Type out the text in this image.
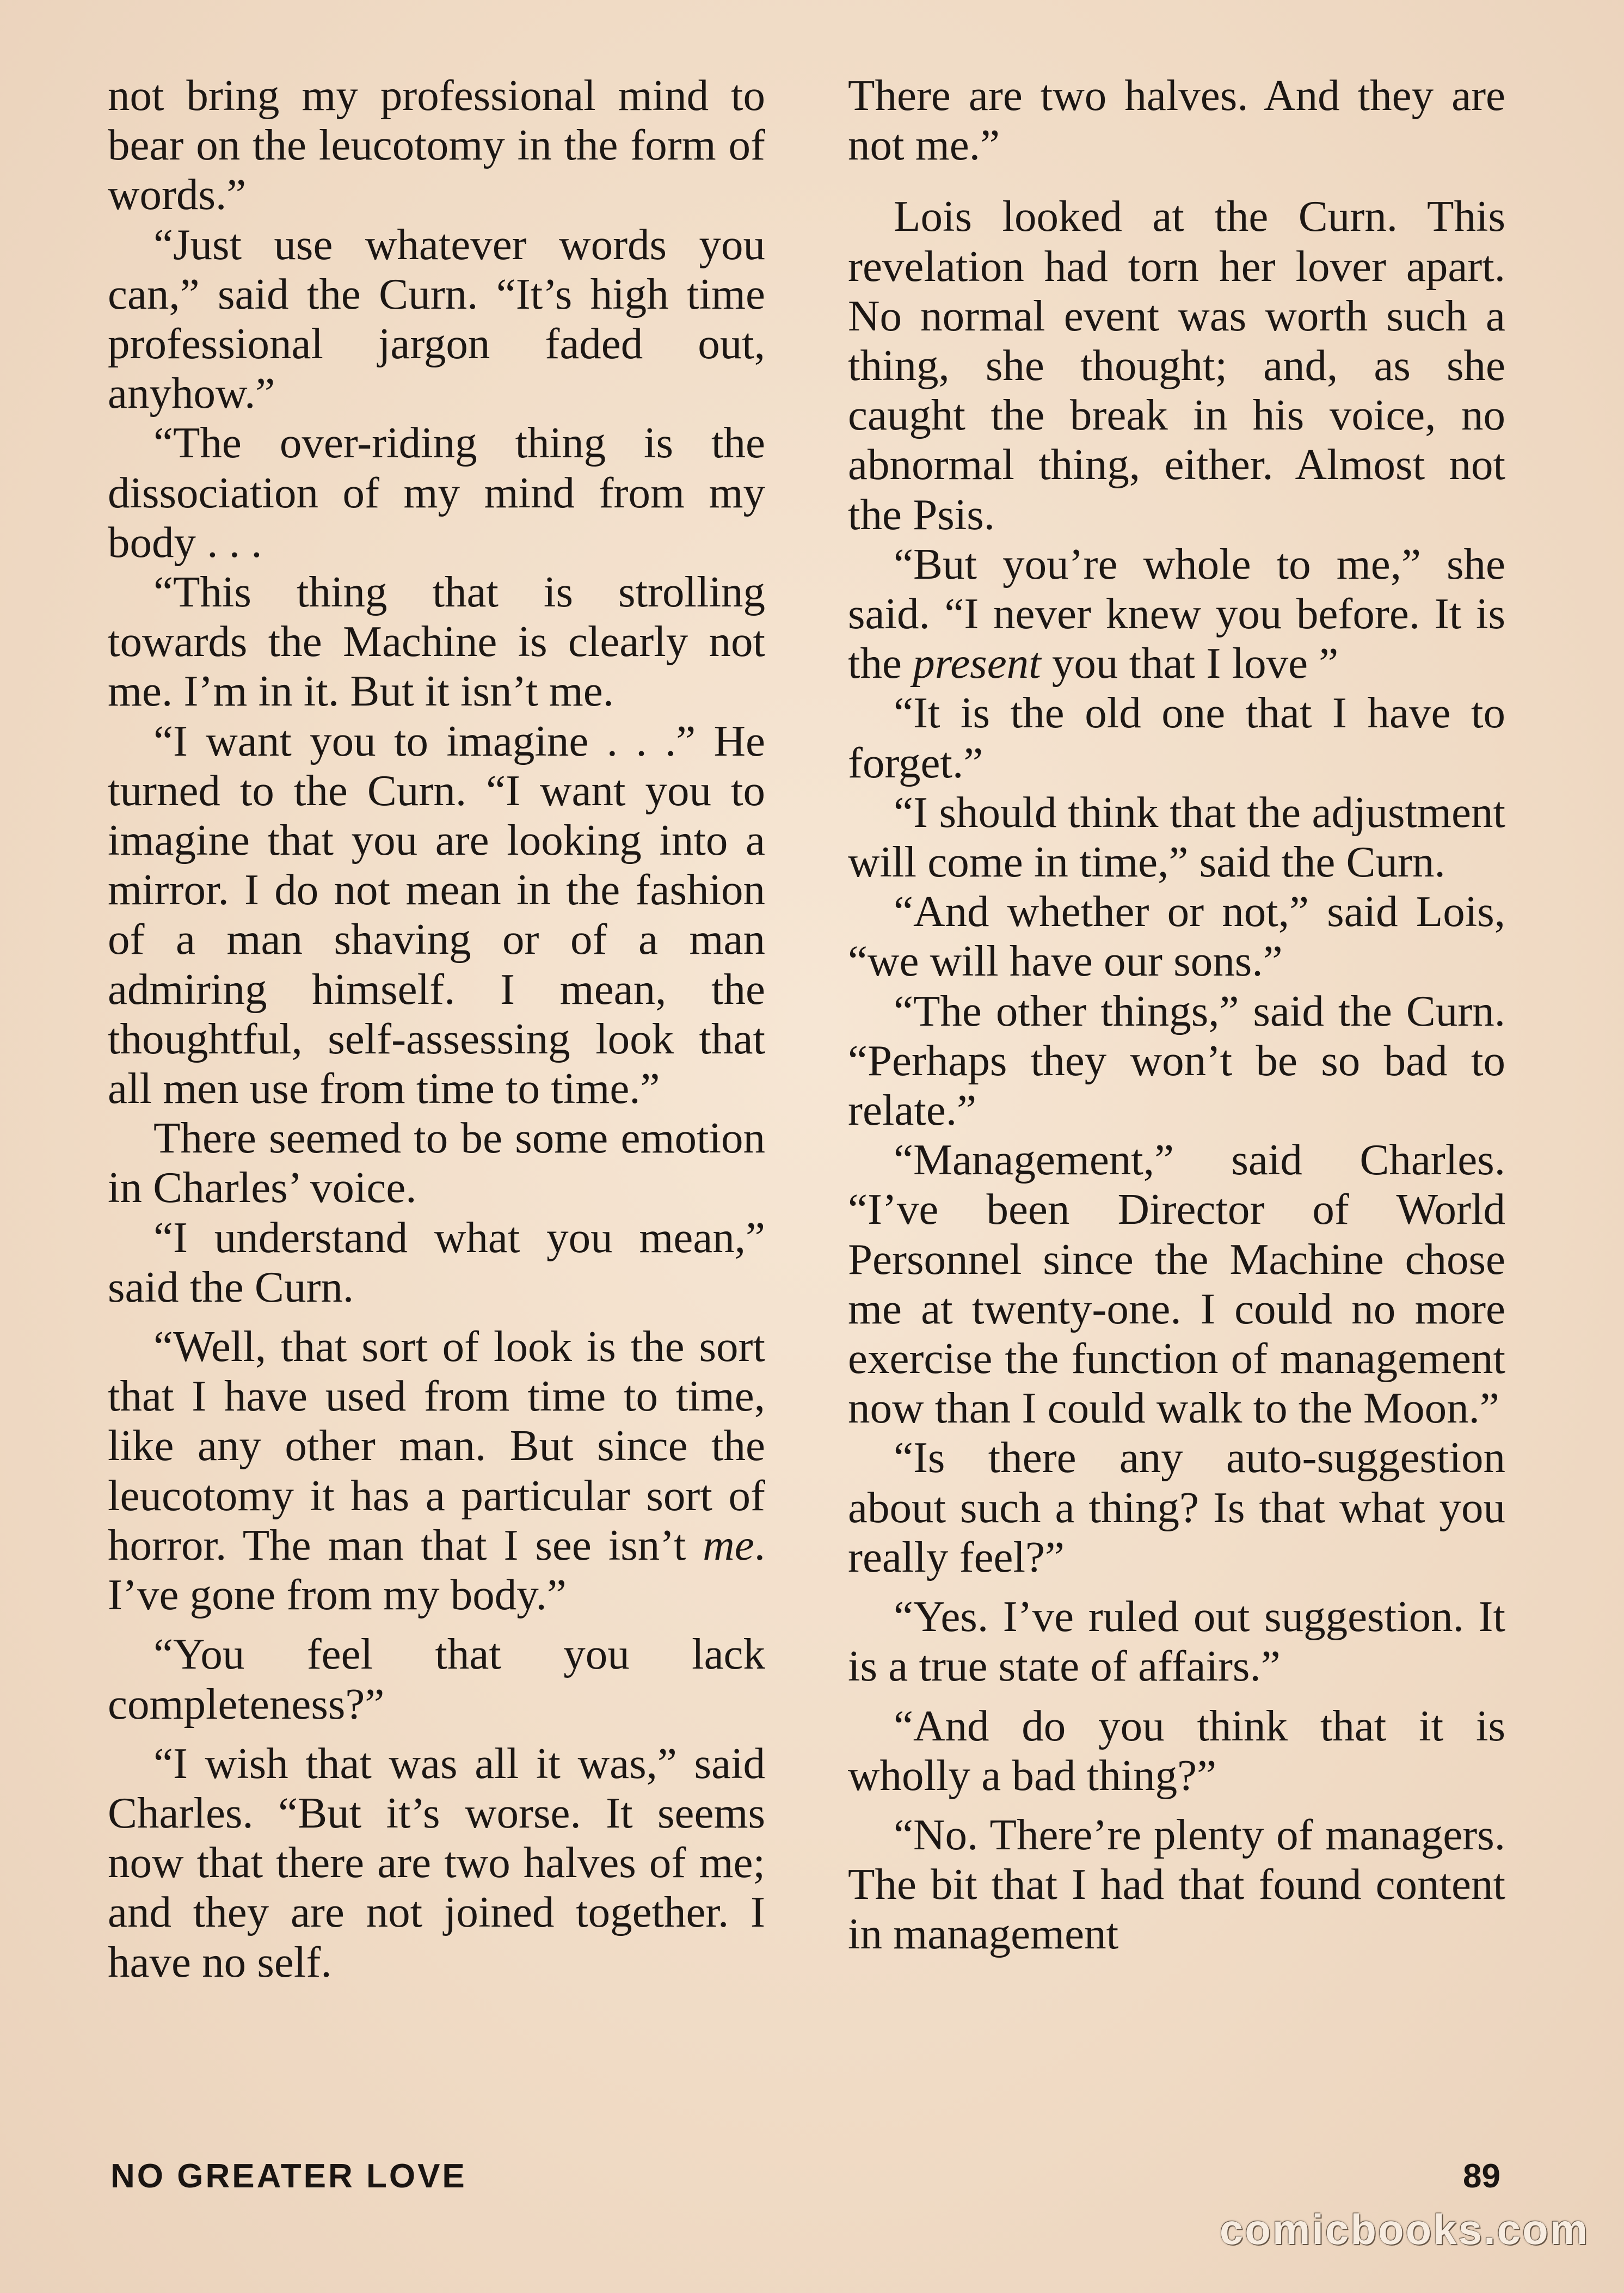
not bring my professional mind to bear on the leucotomy in the form of words.”

“Just use whatever words you can,” said the Curn. “It’s high time professional jargon faded out, anyhow.”

“The over-riding thing is the dissociation of my mind from my body . . .

“This thing that is strolling towards the Machine is clearly not me. I’m in it. But it isn’t me.

“I want you to imagine . . .” He turned to the Curn. “I want you to imagine that you are looking into a mirror. I do not mean in the fashion of a man shaving or of a man admiring himself. I mean, the thoughtful, self-assessing look that all men use from time to time.”

There seemed to be some emotion in Charles’ voice.

“I understand what you mean,” said the Curn.

“Well, that sort of look is the sort that I have used from time to time, like any other man. But since the leucotomy it has a particular sort of horror. The man that I see isn’t me. I’ve gone from my body.”

“You feel that you lack completeness?”

“I wish that was all it was,” said Charles. “But it’s worse. It seems now that there are two halves of me; and they are not joined together. I have no self.

There are two halves. And they are not me.”

Lois looked at the Curn. This revelation had torn her lover apart. No normal event was worth such a thing, she thought; and, as she caught the break in his voice, no abnormal thing, either. Almost not the Psis.

“But you’re whole to me,” she said. “I never knew you before. It is the present you that I love ”

“It is the old one that I have to forget.”

“I should think that the adjustment will come in time,” said the Curn.

“And whether or not,” said Lois, “we will have our sons.”

“The other things,” said the Curn. “Perhaps they won’t be so bad to relate.”

“Management,” said Charles. “I’ve been Director of World Personnel since the Machine chose me at twenty-one. I could no more exercise the function of management now than I could walk to the Moon.”

“Is there any auto-suggestion about such a thing? Is that what you really feel?”

“Yes. I’ve ruled out suggestion. It is a true state of affairs.”

“And do you think that it is wholly a bad thing?”

“No. There’re plenty of managers. The bit that I had that found content in management

NO GREATER LOVE	89
comicbooks.com
